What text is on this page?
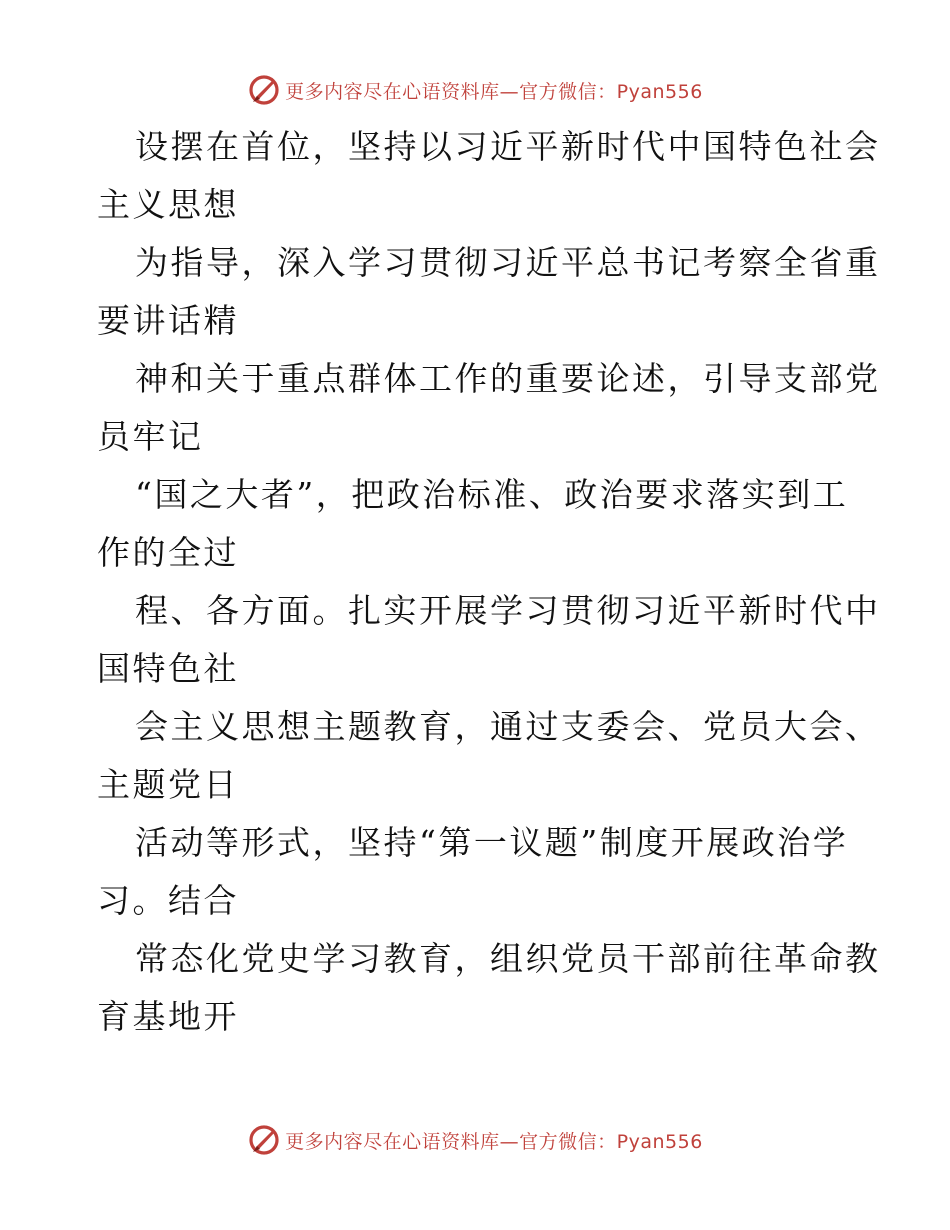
更多内容尽在心语资料库—官方微信：Pyan556

设摆在首位，坚持以习近平新时代中国特色社会

主义思想

为指导，深入学习贯彻习近平总书记考察全省重

要讲话精

神和关于重点群体工作的重要论述，引导支部党

员牢记

“国之大者”，把政治标准、政治要求落实到工

作的全过

程、各方面。扎实开展学习贯彻习近平新时代中

国特色社

会主义思想主题教育，通过支委会、党员大会、

主题党日

活动等形式，坚持“第一议题”制度开展政治学

习。结合

常态化党史学习教育，组织党员干部前往革命教

育基地开

更多内容尽在心语资料库—官方微信：Pyan556
